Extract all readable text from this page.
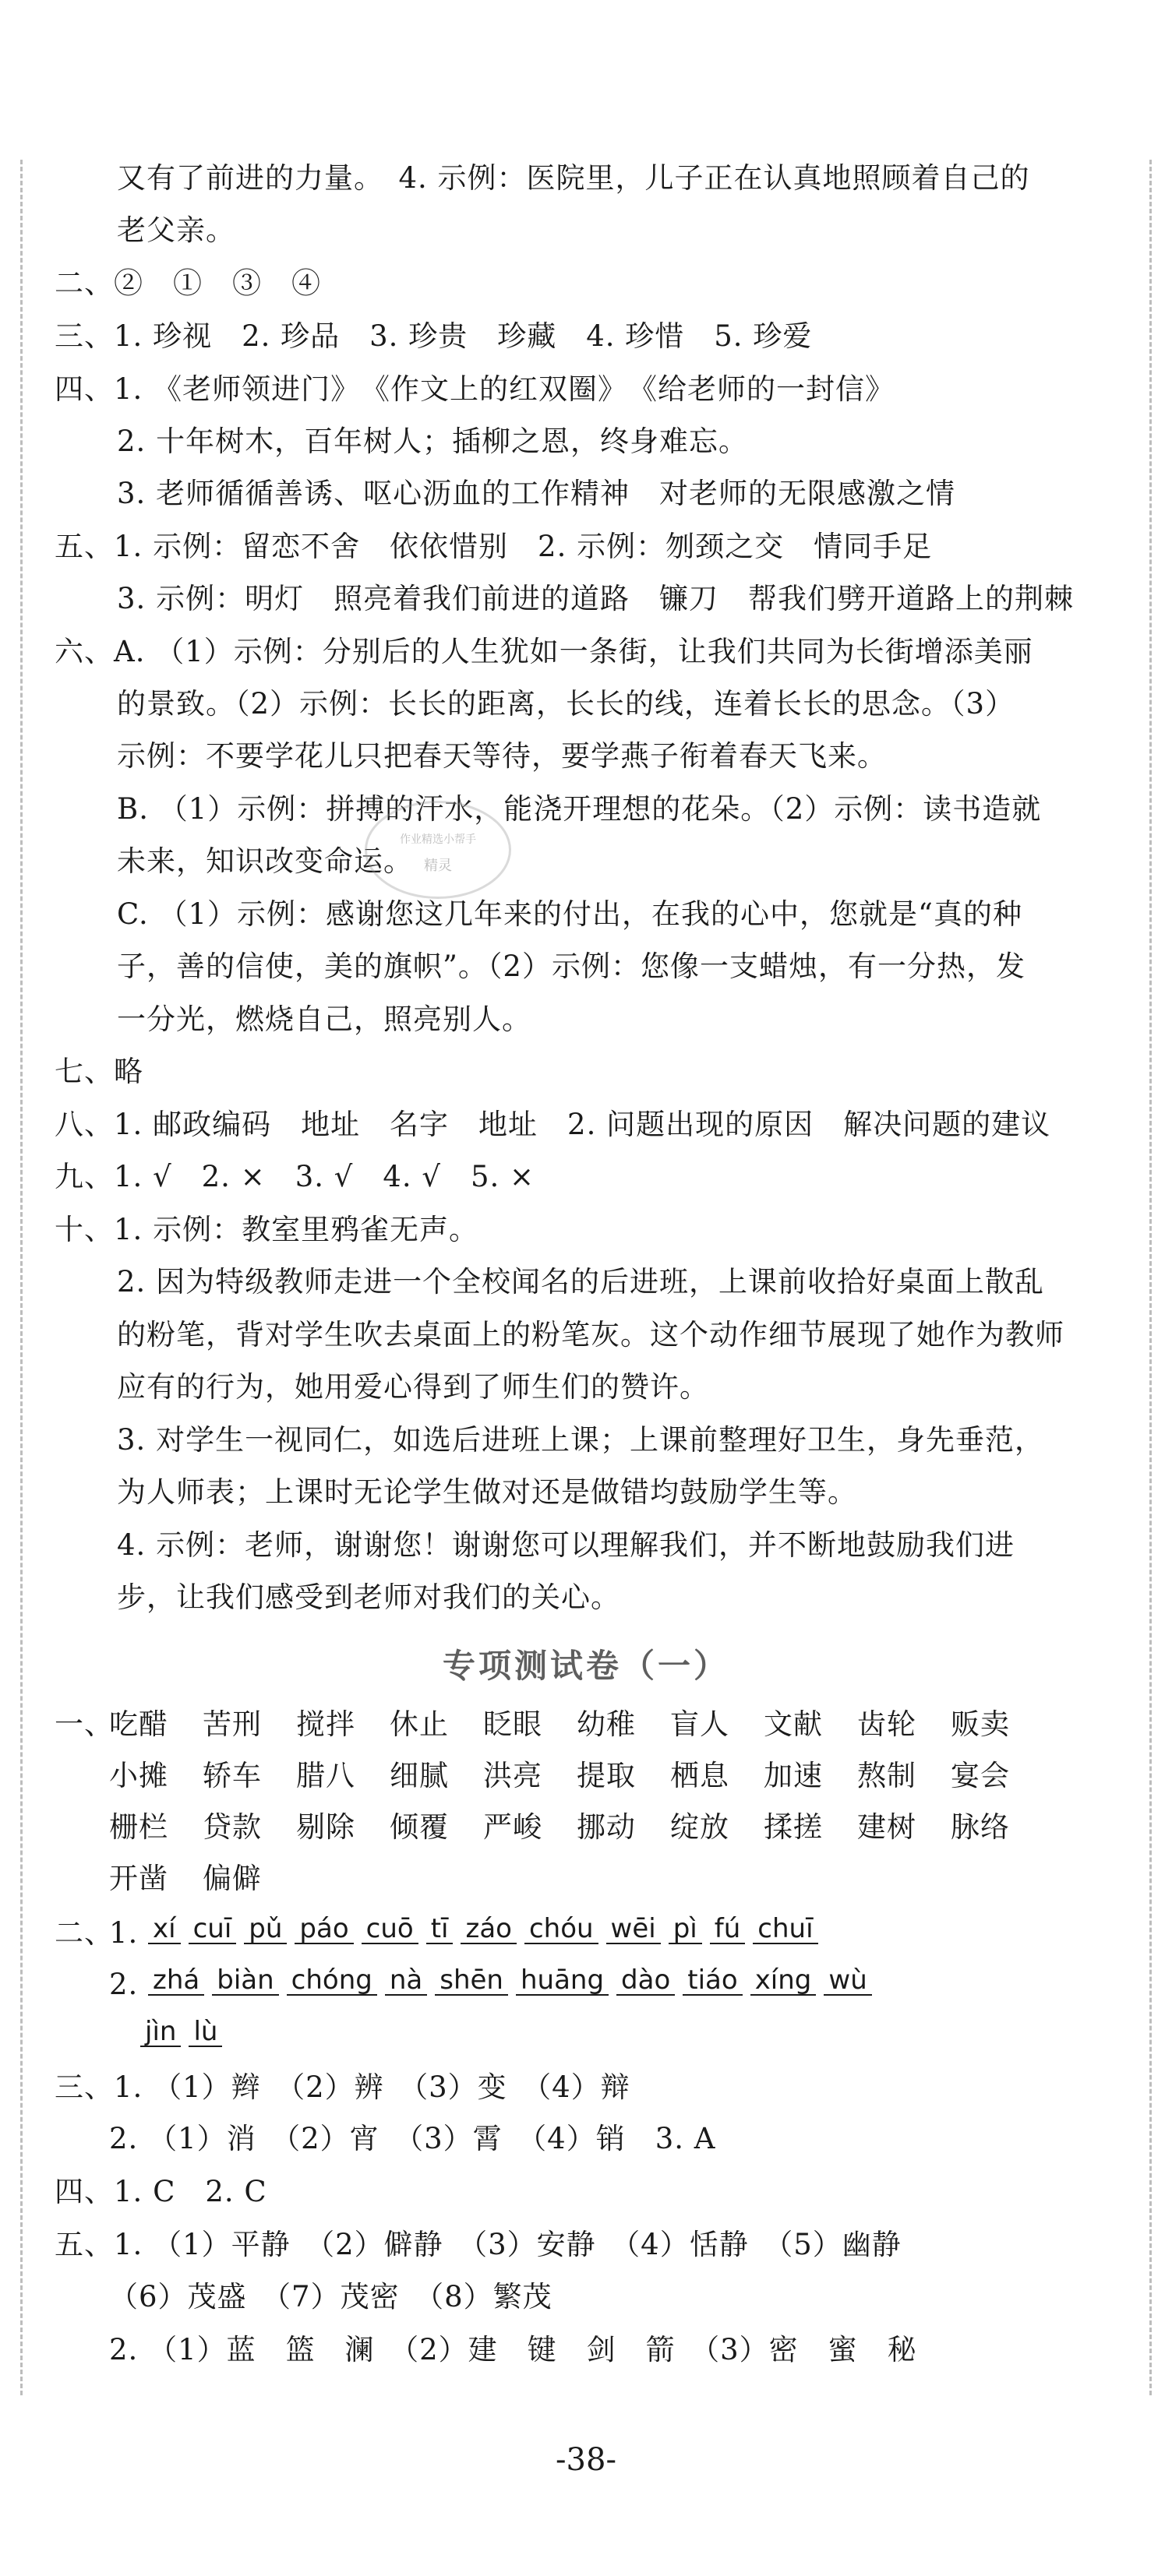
又有了前进的力量。　4. 示例：医院里，儿子正在认真地照顾着自己的
老父亲。
二、②　①　③　④
三、1. 珍视　2. 珍品　3. 珍贵　珍藏　4. 珍惜　5. 珍爱
四、1. 《老师领进门》　《作文上的红双圈》　《给老师的一封信》
2. 十年树木，百年树人；插柳之恩，终身难忘。
3. 老师循循善诱、呕心沥血的工作精神　对老师的无限感激之情
五、1. 示例：留恋不舍　依依惜别　2. 示例：刎颈之交　情同手足
3. 示例：明灯　照亮着我们前进的道路　镰刀　帮我们劈开道路上的荆棘
六、A. （1）示例：分别后的人生犹如一条街，让我们共同为长街增添美丽
的景致。（2）示例：长长的距离，长长的线，连着长长的思念。（3）
示例：不要学花儿只把春天等待，要学燕子衔着春天飞来。
B. （1）示例：拼搏的汗水，能浇开理想的花朵。（2）示例：读书造就
未来，知识改变命运。
C. （1）示例：感谢您这几年来的付出，在我的心中，您就是“真的种
子，善的信使，美的旗帜”。（2）示例：您像一支蜡烛，有一分热，发
一分光，燃烧自己，照亮别人。
七、略
八、1. 邮政编码　地址　名字　地址　2. 问题出现的原因　解决问题的建议
九、1. √　2. ×　3. √　4. √　5. ×
十、1. 示例：教室里鸦雀无声。
2. 因为特级教师走进一个全校闻名的后进班，上课前收拾好桌面上散乱
的粉笔，背对学生吹去桌面上的粉笔灰。这个动作细节展现了她作为教师
应有的行为，她用爱心得到了师生们的赞许。
3. 对学生一视同仁，如选后进班上课；上课前整理好卫生，身先垂范，
为人师表；上课时无论学生做对还是做错均鼓励学生等。
4. 示例：老师，谢谢您！谢谢您可以理解我们，并不断地鼓励我们进
步，让我们感受到老师对我们的关心。
作业精选小帮手
精灵
专项测试卷（一）
一、
吃醋 苦刑 搅拌 休止 眨眼 幼稚 盲人 文献 齿轮 贩卖
小摊 轿车 腊八 细腻 洪亮 提取 栖息 加速 熬制 宴会
栅栏 贷款 剔除 倾覆 严峻 挪动 绽放 揉搓 建树 脉络
开凿 偏僻
二、
1. xí cuī pǔ páo cuō tī záo chóu wēi pì fú chuī
2. zhá biàn chóng nà shēn huāng dào tiáo xíng wù
jìn lù
三、1. （1）辫　（2）辨　（3）变　（4）辩
2. （1）消　（2）宵　（3）霄　（4）销　3. A
四、1. C　2. C
五、1. （1）平静　（2）僻静　（3）安静　（4）恬静　（5）幽静
（6）茂盛　（7）茂密　（8）繁茂
2. （1）蓝　篮　澜　（2）建　键　剑　箭　（3）密　蜜　秘
-38-
